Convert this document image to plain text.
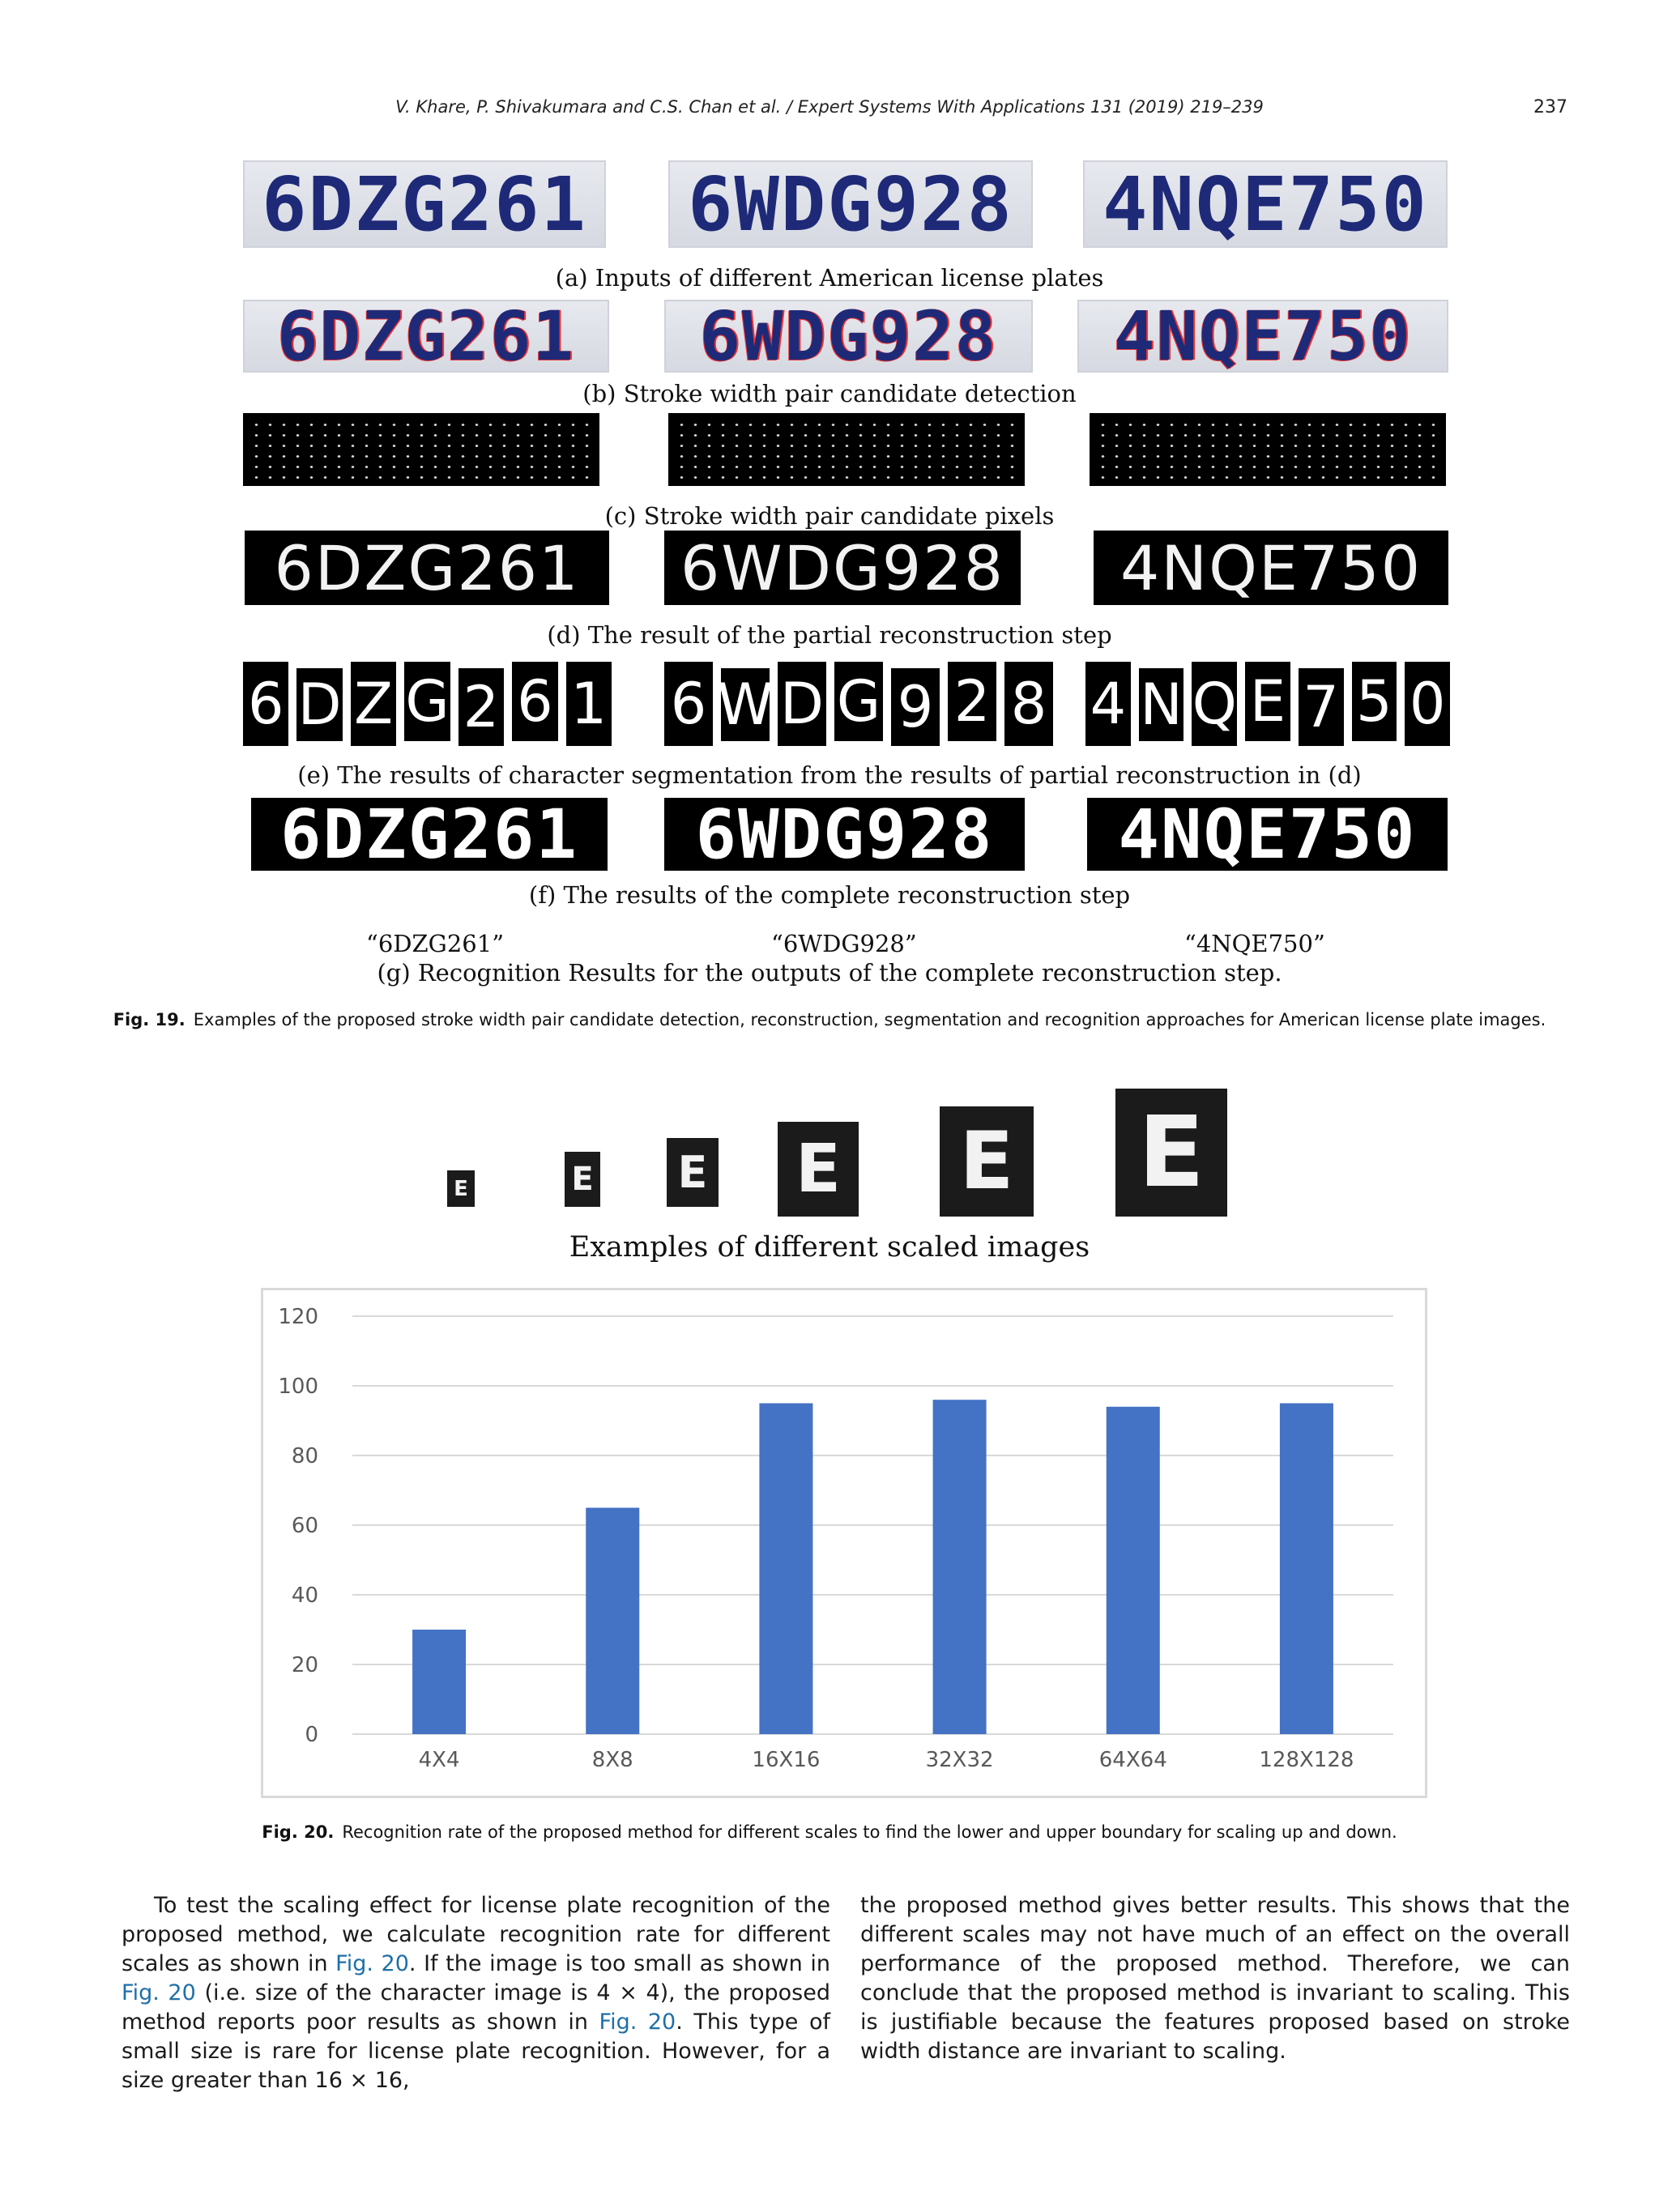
V. Khare, P. Shivakumara and C.S. Chan et al. / Expert Systems With Applications 131 (2019) 219–239	237
6DZG261 6WDG928 4NQE750
(a) Inputs of different American license plates
6DZG261 6WDG928 4NQE750
(b) Stroke width pair candidate detection
(c) Stroke width pair candidate pixels
6DZG261 6WDG928 4NQE750
(d) The result of the partial reconstruction step
6 D Z G 2 6 1 6 W D G 9 2 8 4 N Q E 7 5 0
(e) The results of character segmentation from the results of partial reconstruction in (d)
6DZG261 6WDG928 4NQE750
(f) The results of the complete reconstruction step
“6DZG261”	“6WDG928”	“4NQE750”
(g) Recognition Results for the outputs of the complete reconstruction step.
Fig. 19. Examples of the proposed stroke width pair candidate detection, reconstruction, segmentation and recognition approaches for American license plate images.
E	E E E E E
Examples of different scaled images
0
20
40
60
80
100
120
4X4	8X8	16X16	32X32	64X64	128X128
Fig. 20. Recognition rate of the proposed method for different scales to find the lower and upper boundary for scaling up and down.

To test the scaling effect for license plate recognition of the proposed method, we calculate recognition rate for different scales as shown in Fig. 20. If the image is too small as shown in Fig. 20 (i.e. size of the character image is 4 × 4), the proposed method reports poor results as shown in Fig. 20. This type of small size is rare for license plate recognition. However, for a size greater than 16 × 16,

the proposed method gives better results. This shows that the different scales may not have much of an effect on the overall performance of the proposed method. Therefore, we can conclude that the proposed method is invariant to scaling. This is justifiable because the features proposed based on stroke width distance are invariant to scaling.
